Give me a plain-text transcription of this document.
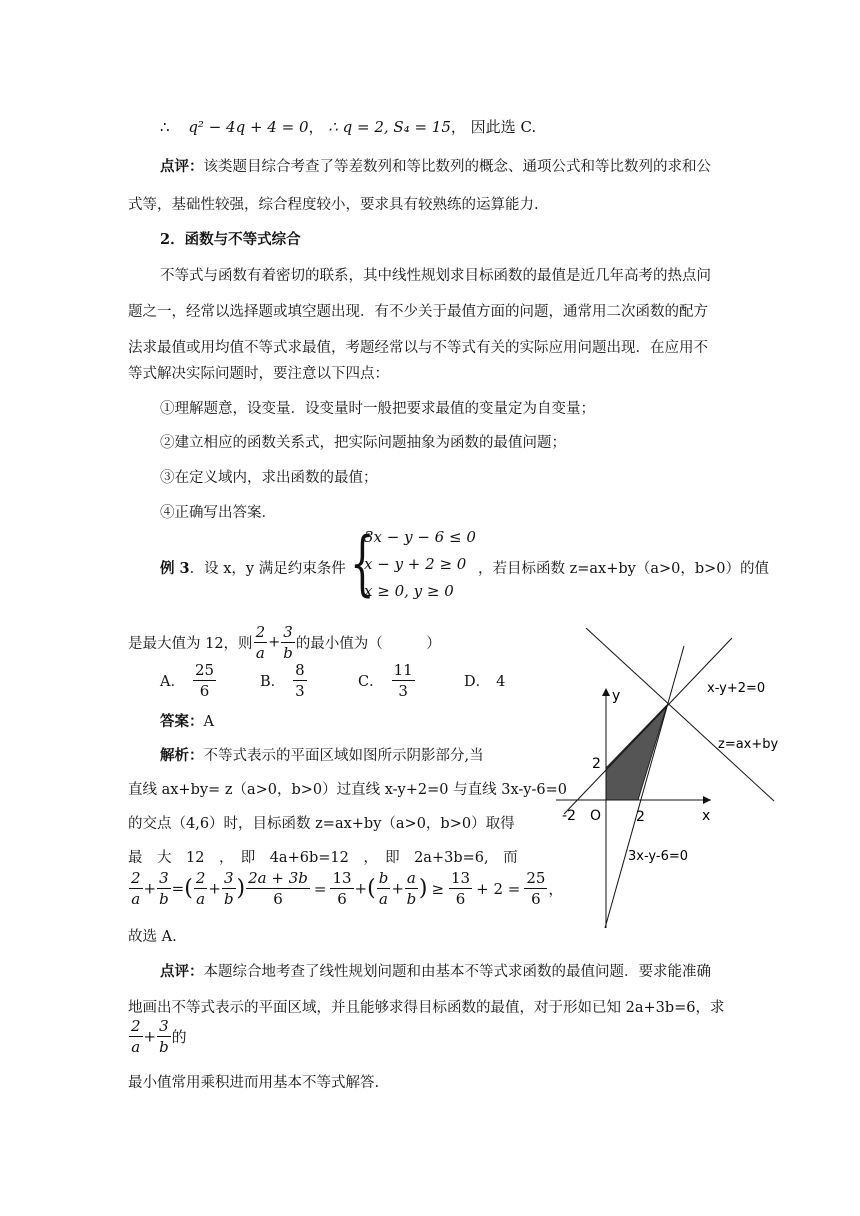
∴ q² − 4q + 4 = 0， ∴ q = 2, S₄ = 15， 因此选 C.
点评：该类题目综合考查了等差数列和等比数列的概念、通项公式和等比数列的求和公
式等，基础性较强，综合程度较小，要求具有较熟练的运算能力.
2．函数与不等式综合
不等式与函数有着密切的联系，其中线性规划求目标函数的最值是近几年高考的热点问
题之一，经常以选择题或填空题出现．有不少关于最值方面的问题，通常用二次函数的配方
法求最值或用均值不等式求最值，考题经常以与不等式有关的实际应用问题出现．在应用不
等式解决实际问题时，要注意以下四点：
①理解题意，设变量．设变量时一般把要求最值的变量定为自变量；
②建立相应的函数关系式，把实际问题抽象为函数的最值问题；
③在定义域内，求出函数的最值；
④正确写出答案．
例 3．设 x，y 满足约束条件 {
3x − y − 6 ≤ 0
x − y + 2 ≥ 0
x ≥ 0, y ≥ 0
，若目标函数 z=ax+by（a>0，b>0）的值
是最大值为 12，则 $\frac{2}{a} + \frac{3}{b}$ 的最小值为（　　　）
A． $\frac{25}{6}$	B． $\frac{8}{3}$	C． $\frac{11}{3}$	D． 4
答案：A
解析：不等式表示的平面区域如图所示阴影部分,当
直线 ax+by= z（a>0，b>0）过直线 x-y+2=0 与直线 3x-y-6=0
的交点（4,6）时，目标函数 z=ax+by（a>0，b>0）取得
最　大　12　，　即　4a+6b=12　，　即　2a+3b=6,　而
$\frac{2}{a} + \frac{3}{b}$ =( $\frac{2}{a} + \frac{3}{b}$ ) $\frac{2a + 3b}{6} = \frac{13}{6}$ +( $\frac{b}{a} + \frac{a}{b}$ ) ≥ $\frac{13}{6} + 2 = \frac{25}{6}$ ，
故选 A.
y
x
O
-2	2
2
x-y+2=0
z=ax+by
3x-y-6=0
点评：本题综合地考查了线性规划问题和由基本不等式求函数的最值问题．要求能准确
地画出不等式表示的平面区域，并且能够求得目标函数的最值，对于形如已知 2a+3b=6，求
$\frac{2}{a} + \frac{3}{b}$ 的
最小值常用乘积进而用基本不等式解答.
